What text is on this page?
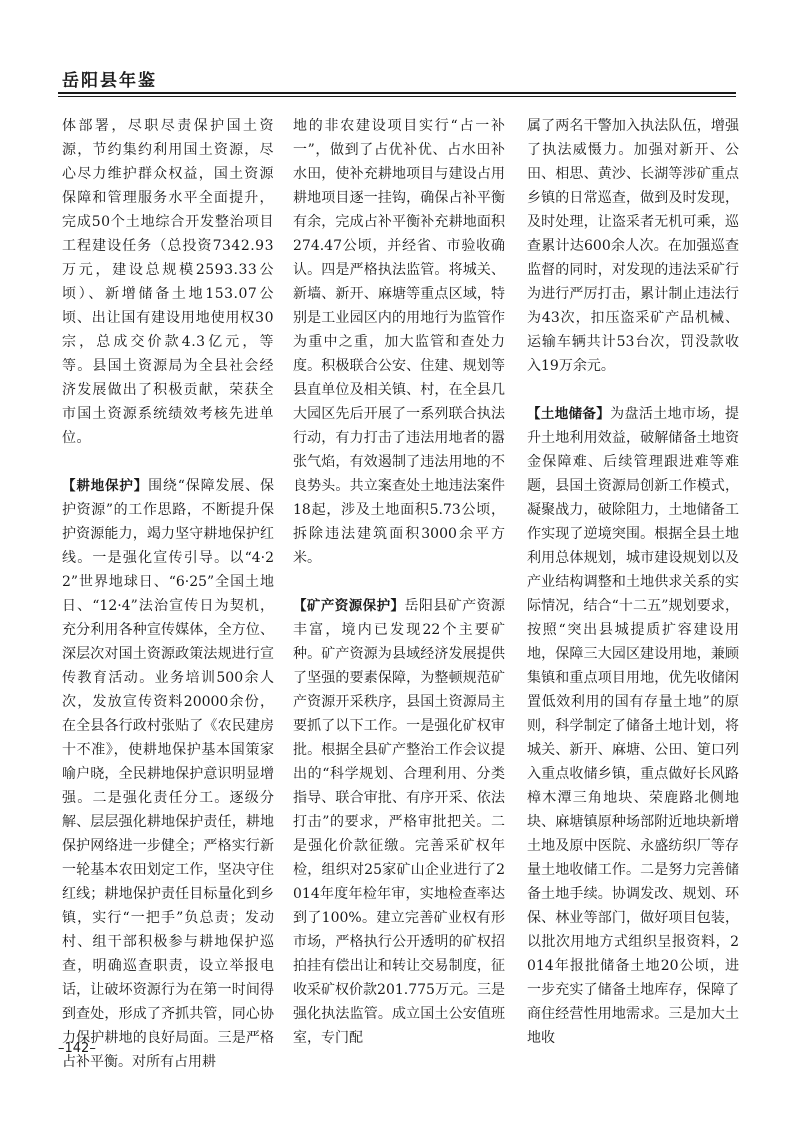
岳阳县年鉴

体部署，尽职尽责保护国土资源，节约集约利用国土资源，尽心尽力维护群众权益，国土资源保障和管理服务水平全面提升，完成50个土地综合开发整治项目工程建设任务（总投资7342.93万元，建设总规模2593.33公顷）、新增储备土地153.07公顷、出让国有建设用地使用权30宗，总成交价款4.3亿元，等等。县国土资源局为全县社会经济发展做出了积极贡献，荣获全市国土资源系统绩效考核先进单位。

【耕地保护】围绕“保障发展、保护资源”的工作思路，不断提升保护资源能力，竭力坚守耕地保护红线。一是强化宣传引导。以“4·22”世界地球日、“6·25”全国土地日、“12·4”法治宣传日为契机，充分利用各种宣传媒体，全方位、深层次对国土资源政策法规进行宣传教育活动。业务培训500余人次，发放宣传资料20000余份，在全县各行政村张贴了《农民建房十不准》，使耕地保护基本国策家喻户晓，全民耕地保护意识明显增强。二是强化责任分工。逐级分解、层层强化耕地保护责任，耕地保护网络进一步健全；严格实行新一轮基本农田划定工作，坚决守住红线；耕地保护责任目标量化到乡镇，实行“一把手”负总责；发动村、组干部积极参与耕地保护巡查，明确巡查职责，设立举报电话，让破坏资源行为在第一时间得到查处，形成了齐抓共管，同心协力保护耕地的良好局面。三是严格占补平衡。对所有占用耕

地的非农建设项目实行“占一补一”，做到了占优补优、占水田补水田，使补充耕地项目与建设占用耕地项目逐一挂钩，确保占补平衡有余，完成占补平衡补充耕地面积274.47公顷，并经省、市验收确认。四是严格执法监管。将城关、新墙、新开、麻塘等重点区域，特别是工业园区内的用地行为监管作为重中之重，加大监管和查处力度。积极联合公安、住建、规划等县直单位及相关镇、村，在全县几大园区先后开展了一系列联合执法行动，有力打击了违法用地者的嚣张气焰，有效遏制了违法用地的不良势头。共立案查处土地违法案件18起，涉及土地面积5.73公顷，拆除违法建筑面积3000余平方米。

【矿产资源保护】岳阳县矿产资源丰富，境内已发现22个主要矿种。矿产资源为县域经济发展提供了坚强的要素保障，为整顿规范矿产资源开采秩序，县国土资源局主要抓了以下工作。一是强化矿权审批。根据全县矿产整治工作会议提出的“科学规划、合理利用、分类指导、联合审批、有序开采、依法打击”的要求，严格审批把关。二是强化价款征缴。完善采矿权年检，组织对25家矿山企业进行了2014年度年检年审，实地检查率达到了100%。建立完善矿业权有形市场，严格执行公开透明的矿权招拍挂有偿出让和转让交易制度，征收采矿权价款201.775万元。三是强化执法监管。成立国土公安值班室，专门配

属了两名干警加入执法队伍，增强了执法威慑力。加强对新开、公田、相思、黄沙、长湖等涉矿重点乡镇的日常巡查，做到及时发现，及时处理，让盗采者无机可乘，巡查累计达600余人次。在加强巡查监督的同时，对发现的违法采矿行为进行严厉打击，累计制止违法行为43次，扣压盗采矿产品机械、运输车辆共计53台次，罚没款收入19万余元。

【土地储备】为盘活土地市场，提升土地利用效益，破解储备土地资金保障难、后续管理跟进难等难题，县国土资源局创新工作模式，凝聚战力，破除阻力，土地储备工作实现了逆境突围。根据全县土地利用总体规划，城市建设规划以及产业结构调整和土地供求关系的实际情况，结合“十二五”规划要求，按照“突出县城提质扩容建设用地，保障三大园区建设用地，兼顾集镇和重点项目用地，优先收储闲置低效利用的国有存量土地”的原则，科学制定了储备土地计划，将城关、新开、麻塘、公田、筻口列入重点收储乡镇，重点做好长风路樟木潭三角地块、荣鹿路北侧地块、麻塘镇原种场部附近地块新增土地及原中医院、永盛纺织厂等存量土地收储工作。二是努力完善储备土地手续。协调发改、规划、环保、林业等部门，做好项目包装，以批次用地方式组织呈报资料，2014年报批储备土地20公顷，进一步充实了储备土地库存，保障了商住经营性用地需求。三是加大土地收

–142–
